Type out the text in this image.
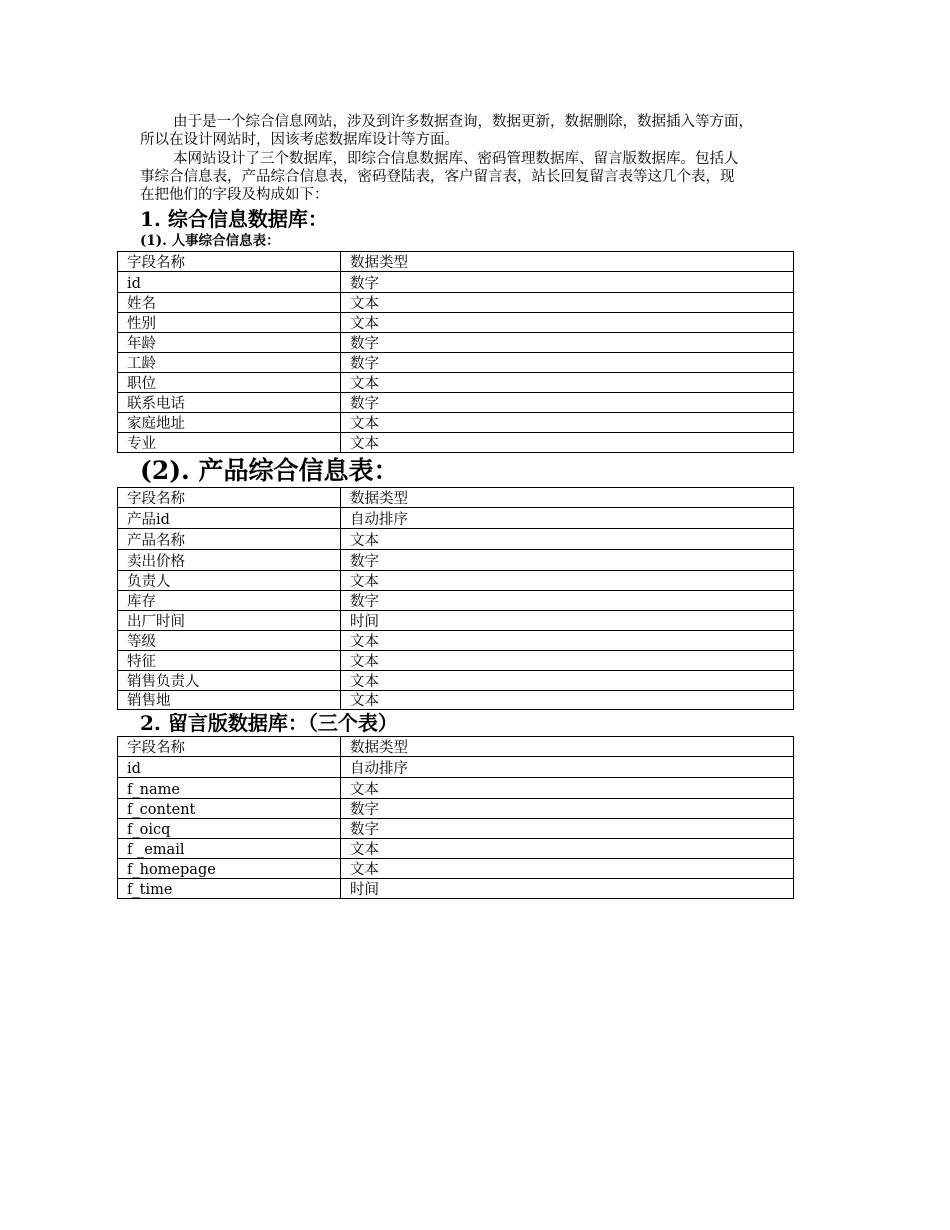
由于是一个综合信息网站，涉及到许多数据查询，数据更新，数据删除，数据插入等方面，
所以在设计网站时，因该考虑数据库设计等方面。

本网站设计了三个数据库，即综合信息数据库、密码管理数据库、留言版数据库。包括人
事综合信息表，产品综合信息表，密码登陆表，客户留言表，站长回复留言表等这几个表，现
在把他们的字段及构成如下：

1. 综合信息数据库：
(1). 人事综合信息表：
字段名称	数据类型
id	数字
姓名	文本
性别	文本
年龄	数字
工龄	数字
职位	文本
联系电话	数字
家庭地址	文本
专业	文本
(2). 产品综合信息表：
字段名称	数据类型
产品id	自动排序
产品名称	文本
卖出价格	数字
负责人	文本
库存	数字
出厂时间	时间
等级	文本
特征	文本
销售负责人	文本
销售地	文本
2. 留言版数据库：（三个表）
字段名称	数据类型
id	自动排序
f_name	文本
f_content	数字
f_oicq	数字
f _email	文本
f_homepage	文本
f_time	时间
